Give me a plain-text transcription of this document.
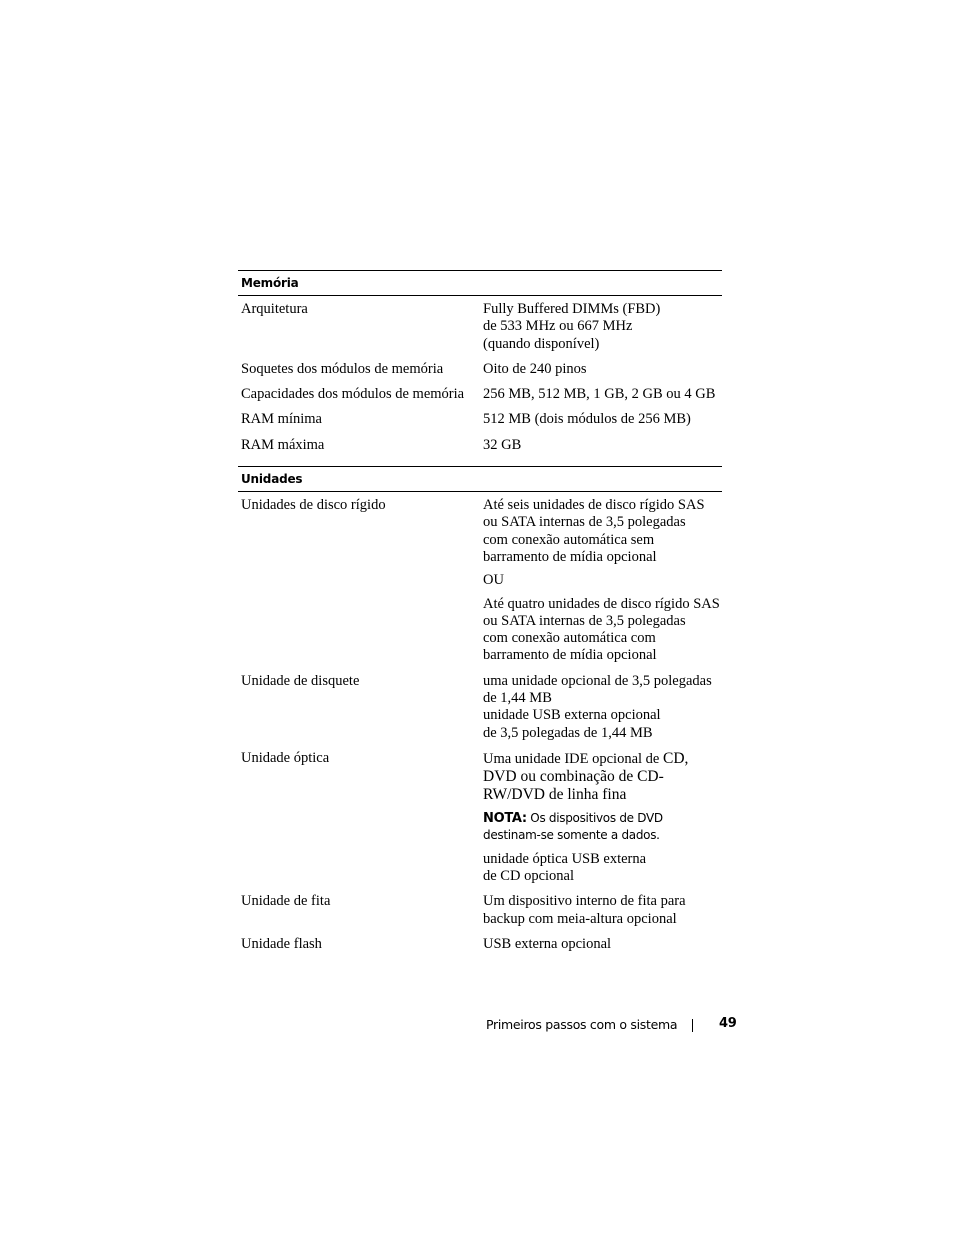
Memória
Arquitetura	Fully Buffered DIMMs (FBD)

de 533 MHz ou 667 MHz

(quando disponível)

Soquetes dos módulos de memória	Oito de 240 pinos
Capacidades dos módulos de memória	256 MB, 512 MB, 1 GB, 2 GB ou 4 GB
RAM mínima	512 MB (dois módulos de 256 MB)
RAM máxima	32 GB
Unidades
Unidades de disco rígido	Até seis unidades de disco rígido SAS

ou SATA internas de 3,5 polegadas

com conexão automática sem

barramento de mídia opcional

OU

Até quatro unidades de disco rígido SAS

ou SATA internas de 3,5 polegadas

com conexão automática com

barramento de mídia opcional

Unidade de disquete	uma unidade opcional de 3,5 polegadas

de 1,44 MB

unidade USB externa opcional

de 3,5 polegadas de 1,44 MB

Unidade óptica	Uma unidade IDE opcional de CD,

DVD ou combinação de CD-

RW/DVD de linha fina

NOTA: Os dispositivos de DVD

destinam-se somente a dados.

unidade óptica USB externa

de CD opcional

Unidade de fita	Um dispositivo interno de fita para

backup com meia-altura opcional

Unidade flash	USB externa opcional
Primeiros passos com o sistema	49
